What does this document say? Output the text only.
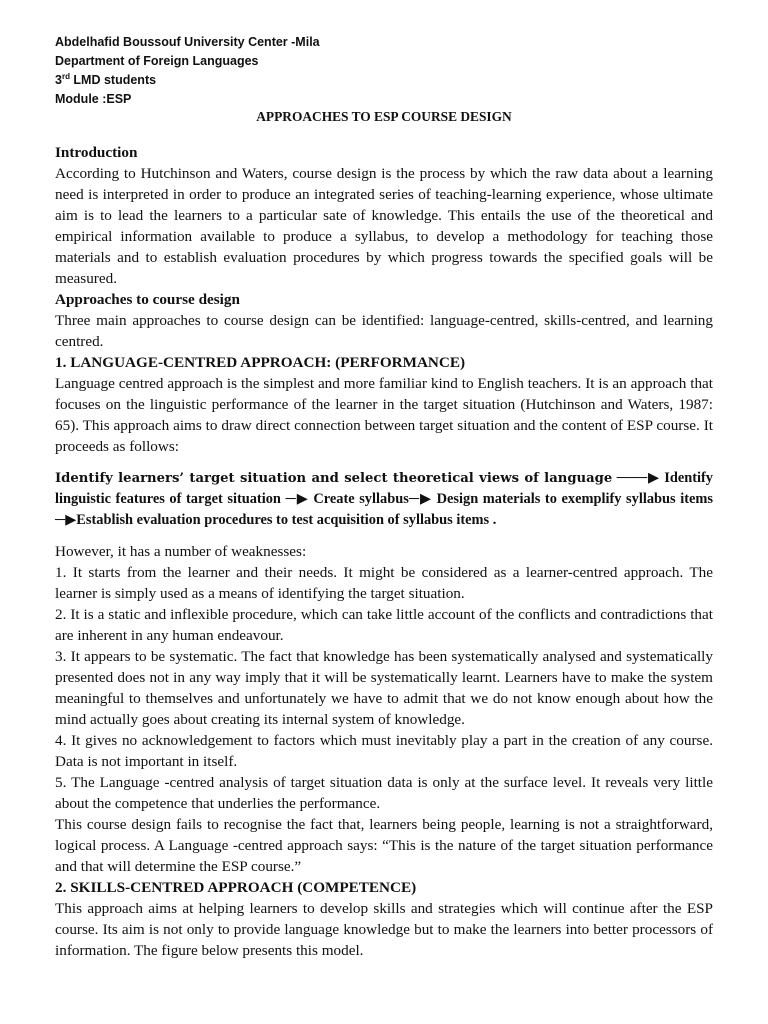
Abdelhafid Boussouf University Center -Mila
Department of Foreign Languages
3rd LMD students
Module :ESP
APPROACHES TO ESP COURSE DESIGN

Introduction

According to Hutchinson and Waters, course design is the process by which the raw data about a learning need is interpreted in order to produce an integrated series of teaching-learning experience, whose ultimate aim is to lead the learners to a particular sate of knowledge. This entails the use of the theoretical and empirical information available to produce a syllabus, to develop a methodology for teaching those materials and to establish evaluation procedures by which progress towards the specified goals will be measured.

Approaches to course design

Three main approaches to course design can be identified: language-centred, skills-centred, and learning centred.

1. LANGUAGE-CENTRED APPROACH: (PERFORMANCE)

Language centred approach is the simplest and more familiar kind to English teachers. It is an approach that focuses on the linguistic performance of the learner in the target situation (Hutchinson and Waters, 1987: 65). This approach aims to draw direct connection between target situation and the content of ESP course. It proceeds as follows:

Identify learners’ target situation and select theoretical views of language ───▶ Identify linguistic features of target situation ─▶ Create syllabus─▶ Design materials to exemplify syllabus items ─▶Establish evaluation procedures to test acquisition of syllabus items .

However, it has a number of weaknesses:

1. It starts from the learner and their needs. It might be considered as a learner-centred approach. The learner is simply used as a means of identifying the target situation.

2. It is a static and inflexible procedure, which can take little account of the conflicts and contradictions that are inherent in any human endeavour.

3. It appears to be systematic. The fact that knowledge has been systematically analysed and systematically presented does not in any way imply that it will be systematically learnt. Learners have to make the system meaningful to themselves and unfortunately we have to admit that we do not know enough about how the mind actually goes about creating its internal system of knowledge.

4. It gives no acknowledgement to factors which must inevitably play a part in the creation of any course. Data is not important in itself.

5. The Language -centred analysis of target situation data is only at the surface level. It reveals very little about the competence that underlies the performance.

This course design fails to recognise the fact that, learners being people, learning is not a straightforward, logical process. A Language -centred approach says: “This is the nature of the target situation performance and that will determine the ESP course.”

2. SKILLS-CENTRED APPROACH (COMPETENCE)

This approach aims at helping learners to develop skills and strategies which will continue after the ESP course. Its aim is not only to provide language knowledge but to make the learners into better processors of information. The figure below presents this model.
